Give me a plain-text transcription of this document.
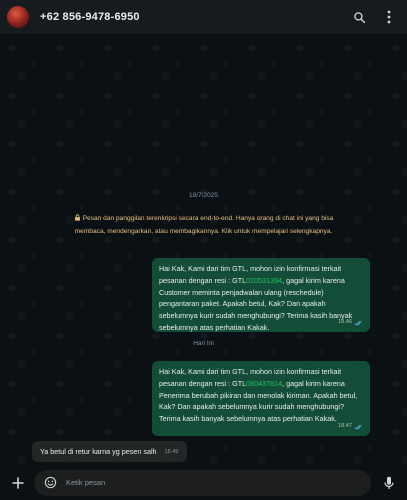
+62 856-9478-6950
18/7/2025
Pesan dan panggilan terenkripsi secara end-to-end. Hanya orang di chat ini yang bisa membaca, mendengarkan, atau membagikannya. Klik untuk mempelajari selengkapnya.
Hai Kak, Kami dari tim GTL, mohon izin konfirmasi terkait pesanan dengan resi : GTL020531394, gagal kirim karena Customer meminta penjadwalan ulang (reschedule) pengantaran paket. Apakah betul, Kak? Dan apakah sebelumnya kurir sudah menghubungi? Terima kasih banyak sebelumnya atas perhatian Kakak.
18.46
Hari Ini
Hai Kak, Kami dari tim GTL, mohon izin konfirmasi terkait pesanan dengan resi : GTL080437814, gagal kirim karena Penerima berubah pikiran dan menolak kiriman. Apakah betul, Kak? Dan apakah sebelumnya kurir sudah menghubungi? Terima kasih banyak sebelumnya atas perhatian Kakak.
18.47
Ya betul di retur karna yg pesen salh 18.49
Ketik pesan
